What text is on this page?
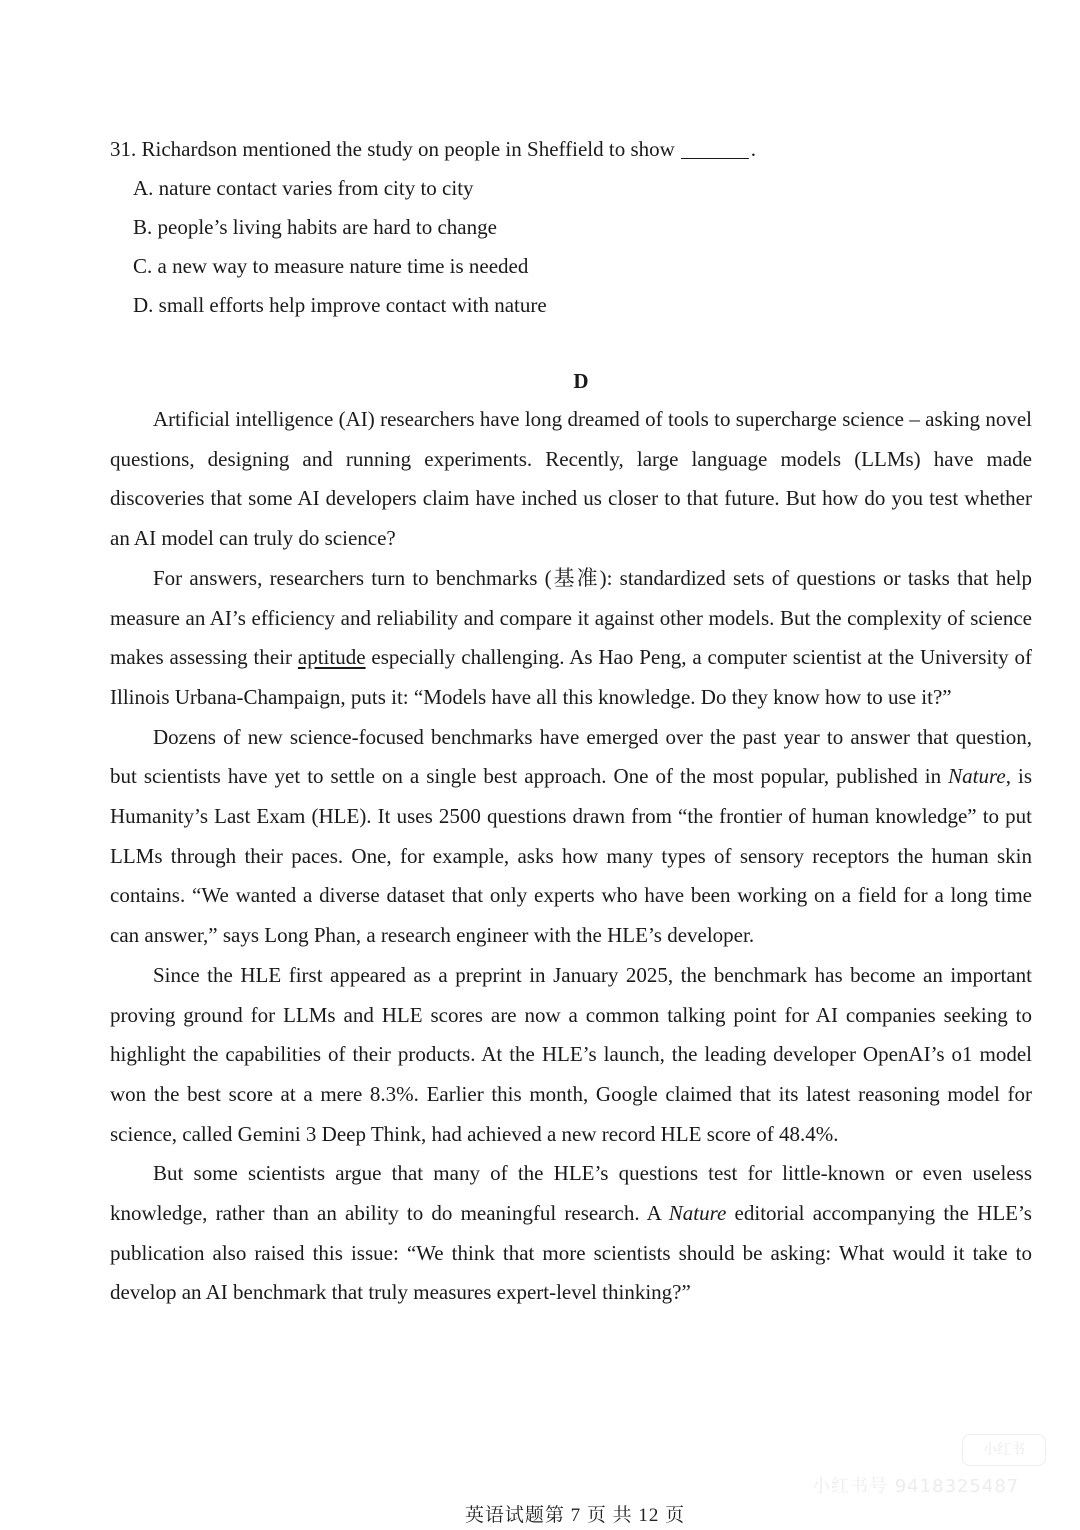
31. Richardson mentioned the study on people in Sheffield to show	.

A. nature contact varies from city to city

B. people’s living habits are hard to change

C. a new way to measure nature time is needed

D. small efforts help improve contact with nature

D

Artificial intelligence (AI) researchers have long dreamed of tools to supercharge science – asking novel questions, designing and running experiments. Recently, large language models (LLMs) have made discoveries that some AI developers claim have inched us closer to that future. But how do you test whether an AI model can truly do science?

For answers, researchers turn to benchmarks (基准): standardized sets of questions or tasks that help measure an AI’s efficiency and reliability and compare it against other models. But the complexity of science makes assessing their aptitude especially challenging. As Hao Peng, a computer scientist at the University of Illinois Urbana-Champaign, puts it: “Models have all this knowledge. Do they know how to use it?”

Dozens of new science-focused benchmarks have emerged over the past year to answer that question, but scientists have yet to settle on a single best approach. One of the most popular, published in Nature, is Humanity’s Last Exam (HLE). It uses 2500 questions drawn from “the frontier of human knowledge” to put LLMs through their paces. One, for example, asks how many types of sensory receptors the human skin contains. “We wanted a diverse dataset that only experts who have been working on a field for a long time can answer,” says Long Phan, a research engineer with the HLE’s developer.

Since the HLE first appeared as a preprint in January 2025, the benchmark has become an important proving ground for LLMs and HLE scores are now a common talking point for AI companies seeking to highlight the capabilities of their products. At the HLE’s launch, the leading developer OpenAI’s o1 model won the best score at a mere 8.3%. Earlier this month, Google claimed that its latest reasoning model for science, called Gemini 3 Deep Think, had achieved a new record HLE score of 48.4%.

But some scientists argue that many of the HLE’s questions test for little-known or even useless knowledge, rather than an ability to do meaningful research. A Nature editorial accompanying the HLE’s publication also raised this issue: “We think that more scientists should be asking: What would it take to develop an AI benchmark that truly measures expert-level thinking?”

小红书
小红书号 9418325487
英语试题第 7 页 共 12 页
